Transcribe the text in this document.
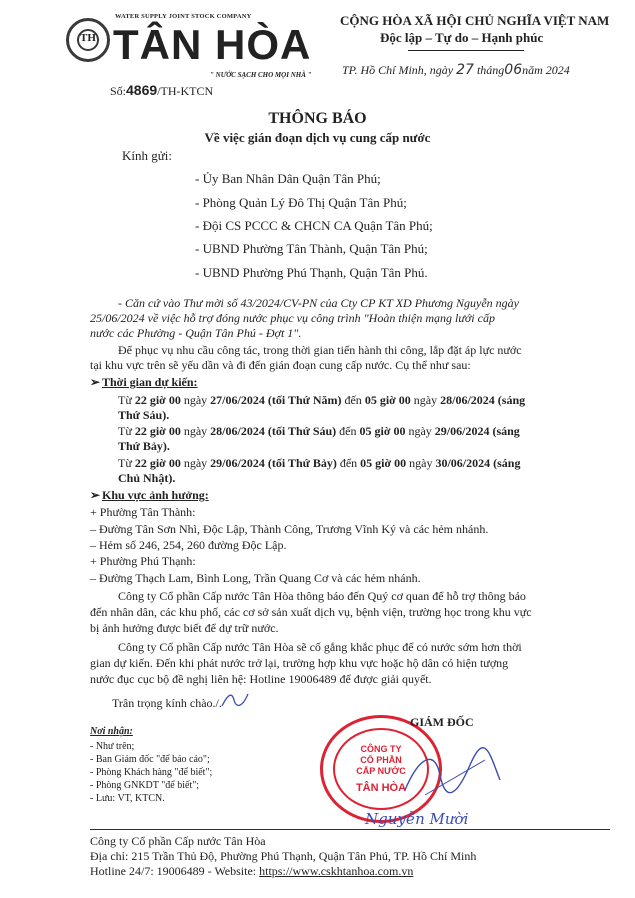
TH
WATER SUPPLY JOINT STOCK COMPANY
TÂN HÒA
" NƯỚC SẠCH CHO MỌI NHÀ "
Số:4869/TH-KTCN
CỘNG HÒA XÃ HỘI CHỦ NGHĨA VIỆT NAM
Độc lập – Tự do – Hạnh phúc
TP. Hồ Chí Minh, ngày 27 tháng06năm 2024
THÔNG BÁO
Về việc gián đoạn dịch vụ cung cấp nước
Kính gửi:
- Ủy Ban Nhân Dân Quận Tân Phú;
- Phòng Quản Lý Đô Thị Quận Tân Phú;
- Đội CS PCCC & CHCN CA Quận Tân Phú;
- UBND Phường Tân Thành, Quận Tân Phú;
- UBND Phường Phú Thạnh, Quận Tân Phú.
- Căn cứ vào Thư mời số 43/2024/CV-PN của Cty CP KT XD Phương Nguyễn ngày
25/06/2024 về việc hỗ trợ đóng nước phục vụ công trình "Hoàn thiện mạng lưới cấp
nước các Phường - Quận Tân Phú - Đợt 1".
Để phục vụ nhu cầu công tác, trong thời gian tiến hành thi công, lắp đặt áp lực nước
tại khu vực trên sẽ yếu dần và đi đến gián đoạn cung cấp nước. Cụ thể như sau:
➢ Thời gian dự kiến:
Từ 22 giờ 00 ngày 27/06/2024 (tối Thứ Năm) đến 05 giờ 00 ngày 28/06/2024 (sáng
Thứ Sáu).
Từ 22 giờ 00 ngày 28/06/2024 (tối Thứ Sáu) đến 05 giờ 00 ngày 29/06/2024 (sáng
Thứ Bảy).
Từ 22 giờ 00 ngày 29/06/2024 (tối Thứ Bảy) đến 05 giờ 00 ngày 30/06/2024 (sáng
Chủ Nhật).
➢ Khu vực ảnh hưởng:
+ Phường Tân Thành:
– Đường Tân Sơn Nhì, Độc Lập, Thành Công, Trương Vĩnh Ký và các hẻm nhánh.
– Hẻm số 246, 254, 260 đường Độc Lập.
+ Phường Phú Thạnh:
– Đường Thạch Lam, Bình Long, Trần Quang Cơ và các hẻm nhánh.
Công ty Cổ phần Cấp nước Tân Hòa thông báo đến Quý cơ quan để hỗ trợ thông báo
đến nhân dân, các khu phố, các cơ sở sản xuất dịch vụ, bệnh viện, trường học trong khu vực
bị ảnh hưởng được biết để dự trữ nước.
Công ty Cổ phần Cấp nước Tân Hòa sẽ cố gắng khắc phục để có nước sớm hơn thời
gian dự kiến. Đến khi phát nước trở lại, trường hợp khu vực hoặc hộ dân có hiện tượng
nước đục cục bộ đề nghị liên hệ: Hotline 19006489 để được giải quyết.
Trân trọng kính chào./.
Nơi nhận:
- Như trên;
- Ban Giám đốc "để báo cáo";
- Phòng Khách hàng "để biết";
- Phòng GNKDT "để biết";
- Lưu: VT, KTCN.
CÔNG TY
CỔ PHẦN
CẤP NƯỚC
TÂN HÒA
GIÁM ĐỐC
Nguyễn Mười
Công ty Cổ phần Cấp nước Tân Hòa
Địa chỉ: 215 Trần Thủ Độ, Phường Phú Thạnh, Quận Tân Phú, TP. Hồ Chí Minh
Hotline 24/7: 19006489 - Website: https://www.cskhtanhoa.com.vn
